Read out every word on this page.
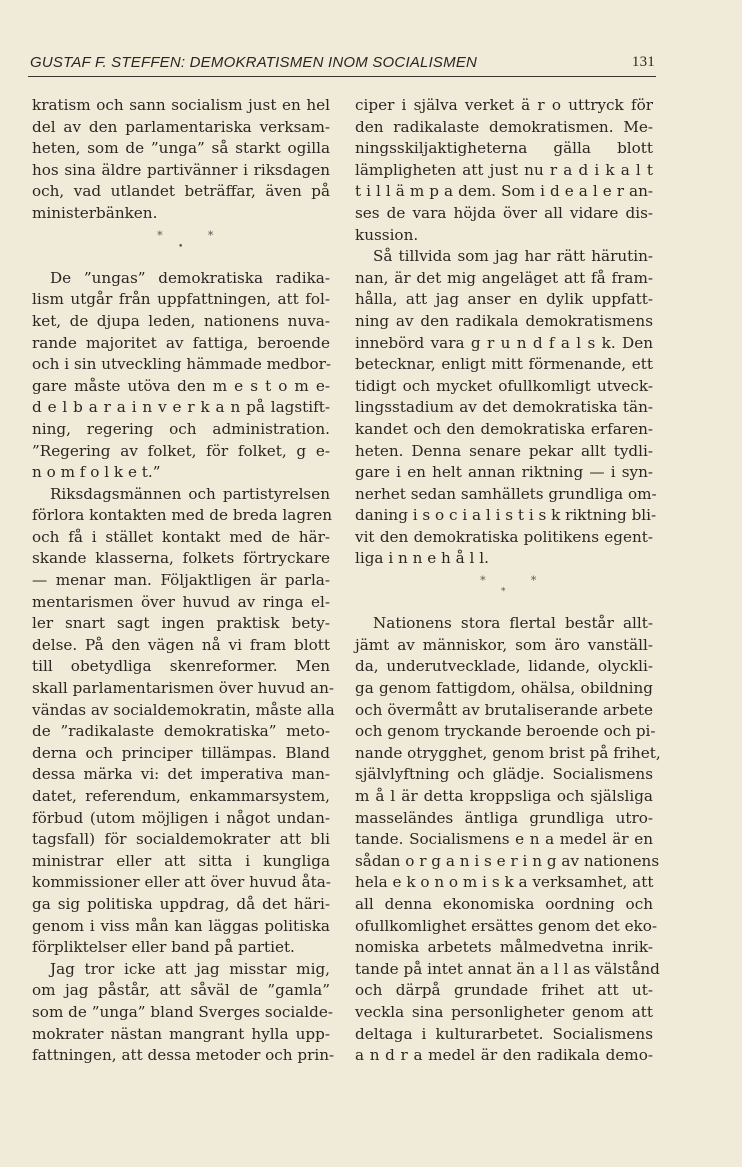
GUSTAF F. STEFFEN: DEMOKRATISMEN INOM SOCIALISMEN	131
kratism och sann socialism just en hel
del av den parlamentariska verksam-
heten, som de ”unga” så starkt ogilla
hos sina äldre partivänner i riksdagen
och, vad utlandet beträffar, även på
ministerbänken.
*
•
*
De ”ungas” demokratiska radika-
lism utgår från uppfattningen, att fol-
ket, de djupa leden, nationens nuva-
rande majoritet av fattiga, beroende
och i sin utveckling hämmade medbor-
gare måste utöva den m e s t o m e-
d e l b a r a i n v e r k a n på lagstift-
ning, regering och administration.
”Regering av folket, för folket, g e-
n o m f o l k e t.”
Riksdagsmännen och partistyrelsen
förlora kontakten med de breda lagren
och få i stället kontakt med de här-
skande klasserna, folkets förtryckare
— menar man. Följaktligen är parla-
mentarismen över huvud av ringa el-
ler snart sagt ingen praktisk bety-
delse. På den vägen nå vi fram blott
till obetydliga skenreformer. Men
skall parlamentarismen över huvud an-
vändas av socialdemokratin, måste alla
de ”radikalaste demokratiska” meto-
derna och principer tillämpas. Bland
dessa märka vi: det imperativa man-
datet, referendum, enkammarsystem,
förbud (utom möjligen i något undan-
tagsfall) för socialdemokrater att bli
ministrar eller att sitta i kungliga
kommissioner eller att över huvud åta-
ga sig politiska uppdrag, då det häri-
genom i viss mån kan läggas politiska
förpliktelser eller band på partiet.
Jag tror icke att jag misstar mig,
om jag påstår, att såväl de ”gamla”
som de ”unga” bland Sverges socialde-
mokrater nästan mangrant hylla upp-
fattningen, att dessa metoder och prin-
ciper i själva verket ä r o uttryck för
den radikalaste demokratismen. Me-
ningsskiljaktigheterna gälla blott
lämpligheten att just nu r a d i k a l t
t i l l ä m p a dem. Som i d e a l e r an-
ses de vara höjda över all vidare dis-
kussion.
Så tillvida som jag har rätt härutin-
nan, är det mig angeläget att få fram-
hålla, att jag anser en dylik uppfatt-
ning av den radikala demokratismens
innebörd vara g r u n d f a l s k. Den
betecknar, enligt mitt förmenande, ett
tidigt och mycket ofullkomligt utveck-
lingsstadium av det demokratiska tän-
kandet och den demokratiska erfaren-
heten. Denna senare pekar allt tydli-
gare i en helt annan riktning — i syn-
nerhet sedan samhällets grundliga om-
daning i s o c i a l i s t i s k riktning bli-
vit den demokratiska politikens egent-
liga i n n e h å l l.
*
*
*
Nationens stora flertal består allt-
jämt av människor, som äro vanställ-
da, underutvecklade, lidande, olyckli-
ga genom fattigdom, ohälsa, obildning
och övermått av brutaliserande arbete
och genom tryckande beroende och pi-
nande otrygghet, genom brist på frihet,
självlyftning och glädje. Socialismens
m å l är detta kroppsliga och själsliga
masseländes äntliga grundliga utro-
tande. Socialismens e n a medel är en
sådan o r g a n i s e r i n g av nationens
hela e k o n o m i s k a verksamhet, att
all denna ekonomiska oordning och
ofullkomlighet ersättes genom det eko-
nomiska arbetets målmedvetna inrik-
tande på intet annat än a l l as välstånd
och därpå grundade frihet att ut-
veckla sina personligheter genom att
deltaga i kulturarbetet. Socialismens
a n d r a medel är den radikala demo-
